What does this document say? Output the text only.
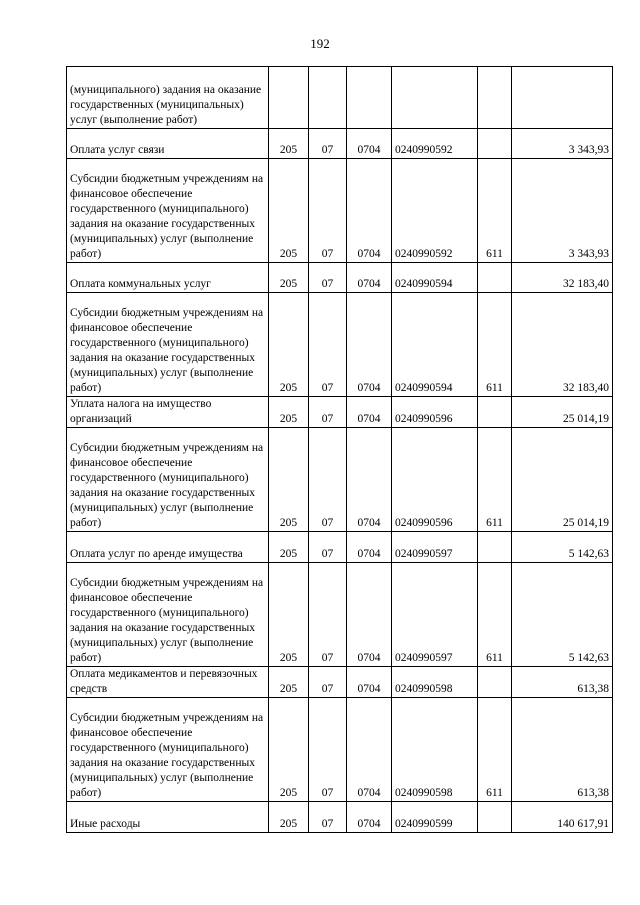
192
(муниципального) задания на оказание государственных (муниципальных) услуг (выполнение работ)						
Оплата услуг связи	205	07	0704	0240990592		3 343,93
Субсидии бюджетным учреждениям на финансовое обеспечение государственного (муниципального) задания на оказание государственных (муниципальных) услуг (выполнение работ)	205	07	0704	0240990592	611	3 343,93
Оплата коммунальных услуг	205	07	0704	0240990594		32 183,40
Субсидии бюджетным учреждениям на финансовое обеспечение государственного (муниципального) задания на оказание государственных (муниципальных) услуг (выполнение работ)	205	07	0704	0240990594	611	32 183,40
Уплата налога на имущество организаций	205	07	0704	0240990596		25 014,19
Субсидии бюджетным учреждениям на финансовое обеспечение государственного (муниципального) задания на оказание государственных (муниципальных) услуг (выполнение работ)	205	07	0704	0240990596	611	25 014,19
Оплата услуг по аренде имущества	205	07	0704	0240990597		5 142,63
Субсидии бюджетным учреждениям на финансовое обеспечение государственного (муниципального) задания на оказание государственных (муниципальных) услуг (выполнение работ)	205	07	0704	0240990597	611	5 142,63
Оплата медикаментов и перевязочных средств	205	07	0704	0240990598		613,38
Субсидии бюджетным учреждениям на финансовое обеспечение государственного (муниципального) задания на оказание государственных (муниципальных) услуг (выполнение работ)	205	07	0704	0240990598	611	613,38
Иные расходы	205	07	0704	0240990599		140 617,91
